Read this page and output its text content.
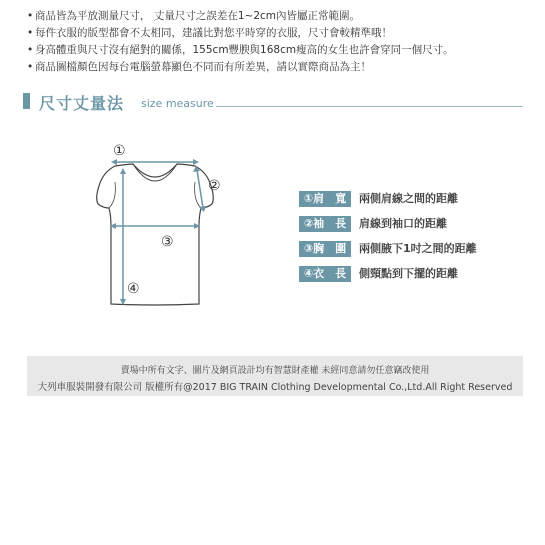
• 商品皆為平放測量尺寸， 丈量尺寸之誤差在1~2cm內皆屬正常範圍。
• 每件衣服的版型都會不太相同，建議比對您平時穿的衣服，尺寸會較精準哦！
• 身高體重與尺寸沒有絕對的關係，155cm豐腴與168cm瘦高的女生也許會穿同一個尺寸。
• 商品圖檔顏色因每台電腦螢幕顯色不同而有所差異，請以實際商品為主！
尺寸丈量法 size measure
①
②
③
④
①肩　寬	兩側肩線之間的距離
②袖　長	肩線到袖口的距離
③胸　圍	兩側腋下1吋之間的距離
④衣　長	側頸點到下擺的距離
賣場中所有文字、圖片及網頁設計均有智慧財產權 未經同意請勿任意竊改使用
大列車服裝開發有限公司 版權所有@2017 BIG TRAIN Clothing Developmental Co.,Ltd.All Right Reserved
